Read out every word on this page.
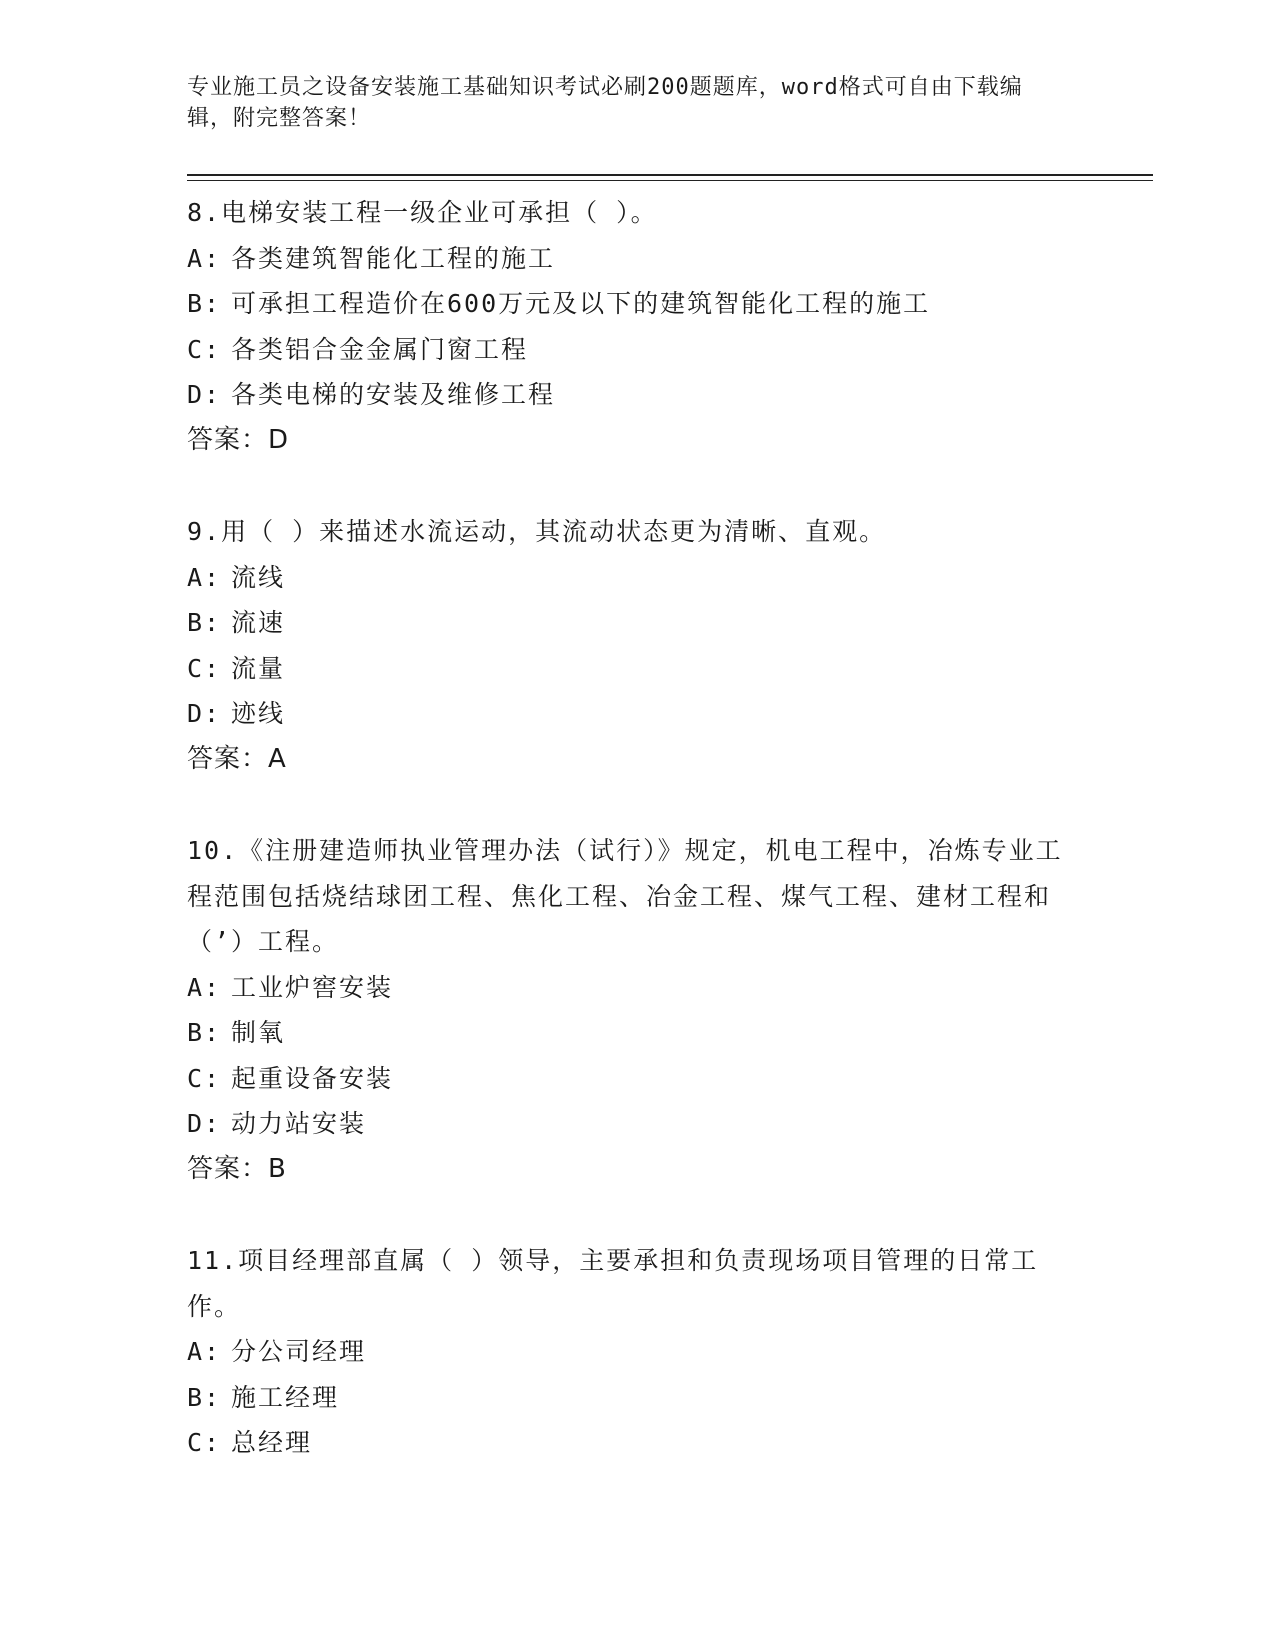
专业施工员之设备安装施工基础知识考试必刷200题题库，word格式可自由下载编辑，附完整答案！
8.电梯安装工程一级企业可承担（ ）。
A: 各类建筑智能化工程的施工
B: 可承担工程造价在600万元及以下的建筑智能化工程的施工
C: 各类铝合金金属门窗工程
D: 各类电梯的安装及维修工程
答案：D
9.用（ ）来描述水流运动，其流动状态更为清晰、直观。
A: 流线
B: 流速
C: 流量
D: 迹线
答案：A
10.《注册建造师执业管理办法（试行）》规定，机电工程中，冶炼专业工程范围包括烧结球团工程、焦化工程、冶金工程、煤气工程、建材工程和（’）工程。
A: 工业炉窖安装
B: 制氧
C: 起重设备安装
D: 动力站安装
答案：B
11.项目经理部直属（ ）领导，主要承担和负责现场项目管理的日常工作。
A: 分公司经理
B: 施工经理
C: 总经理
